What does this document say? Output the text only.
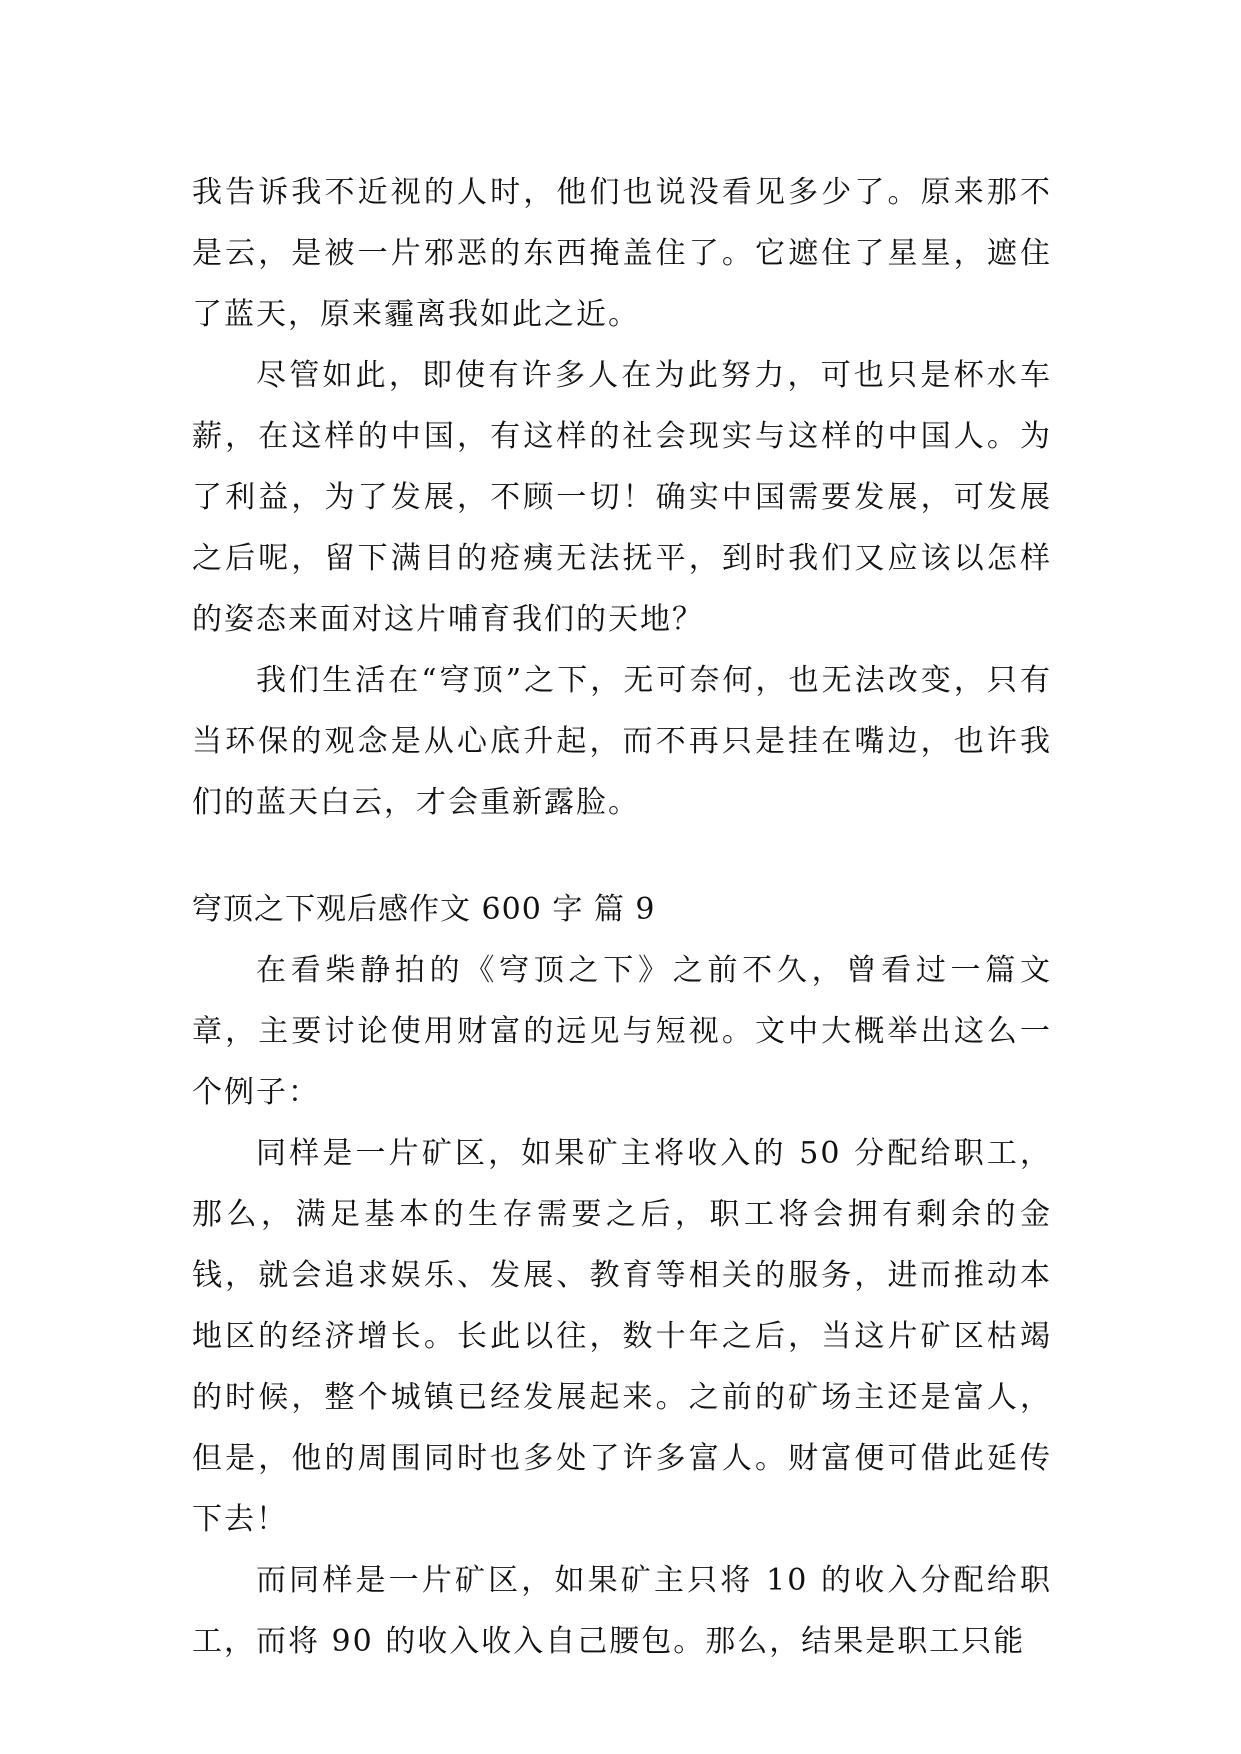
我告诉我不近视的人时，他们也说没看见多少了。原来那不是云，是被一片邪恶的东西掩盖住了。它遮住了星星，遮住了蓝天，原来霾离我如此之近。

尽管如此，即使有许多人在为此努力，可也只是杯水车薪，在这样的中国，有这样的社会现实与这样的中国人。为了利益，为了发展，不顾一切！确实中国需要发展，可发展之后呢，留下满目的疮痍无法抚平，到时我们又应该以怎样的姿态来面对这片哺育我们的天地？

我们生活在“穹顶”之下，无可奈何，也无法改变，只有当环保的观念是从心底升起，而不再只是挂在嘴边，也许我们的蓝天白云，才会重新露脸。

穹顶之下观后感作文 600 字 篇 9

在看柴静拍的《穹顶之下》之前不久，曾看过一篇文章，主要讨论使用财富的远见与短视。文中大概举出这么一个例子：

同样是一片矿区，如果矿主将收入的 50 分配给职工，那么，满足基本的生存需要之后，职工将会拥有剩余的金钱，就会追求娱乐、发展、教育等相关的服务，进而推动本地区的经济增长。长此以往，数十年之后，当这片矿区枯竭的时候，整个城镇已经发展起来。之前的矿场主还是富人，但是，他的周围同时也多处了许多富人。财富便可借此延传下去！

而同样是一片矿区，如果矿主只将 10 的收入分配给职工，而将 90 的收入收入自己腰包。那么，结果是职工只能
